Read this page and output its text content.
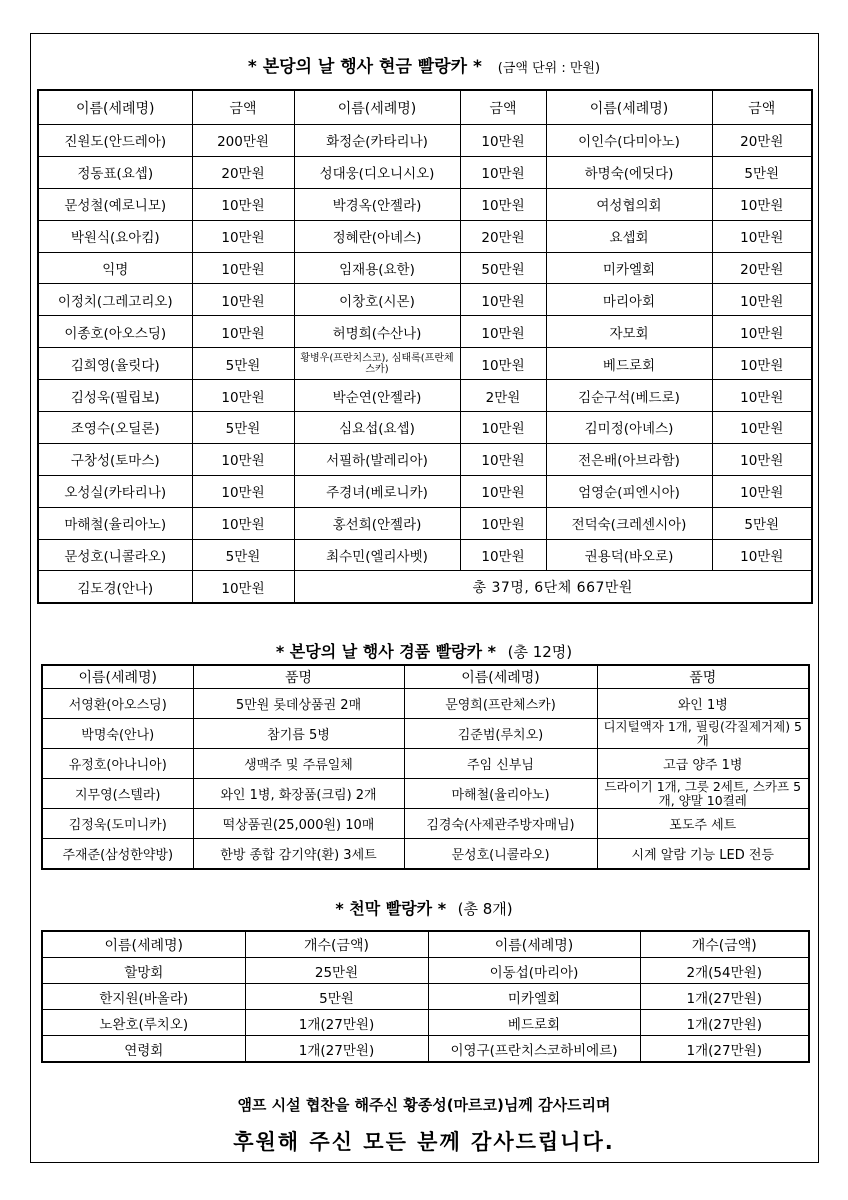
* 본당의 날 행사 현금 빨랑카 * (금액 단위 : 만원)
이름(세례명)	금액	이름(세례명)	금액	이름(세례명)	금액
진원도(안드레아)	200만원	화정순(카타리나)	10만원	이인수(다미아노)	20만원
정동표(요셉)	20만원	성대웅(디오니시오)	10만원	하명숙(에딧다)	5만원
문성철(예로니모)	10만원	박경옥(안젤라)	10만원	여성협의회	10만원
박원식(요아킴)	10만원	정혜란(아녜스)	20만원	요셉회	10만원
익명	10만원	임재용(요한)	50만원	미카엘회	20만원
이정치(그레고리오)	10만원	이창호(시몬)	10만원	마리아회	10만원
이종호(아오스딩)	10만원	허명희(수산나)	10만원	자모회	10만원
김희영(율릿다)	5만원	황병우(프란치스코), 심태록(프란체스카)	10만원	베드로회	10만원
김성욱(필립보)	10만원	박순연(안젤라)	2만원	김순구석(베드로)	10만원
조영수(오딜론)	5만원	심요섭(요셉)	10만원	김미정(아녜스)	10만원
구창성(토마스)	10만원	서필하(발레리아)	10만원	전은배(아브라함)	10만원
오성실(카타리나)	10만원	주경녀(베로니카)	10만원	엄영순(피엔시아)	10만원
마해철(율리아노)	10만원	홍선희(안젤라)	10만원	전덕숙(크레센시아)	5만원
문성호(니콜라오)	5만원	최수민(엘리사벳)	10만원	권용덕(바오로)	10만원
김도경(안나)	10만원	총 37명, 6단체 667만원			
* 본당의 날 행사 경품 빨랑카 * (총 12명)
이름(세례명)	품명	이름(세례명)	품명
서영환(아오스딩)	5만원 롯데상품권 2매	문영희(프란체스카)	와인 1병
박명숙(안나)	참기름 5병	김준범(루치오)	디지털액자 1개, 필링(각질제거제) 5개
유정호(아나니아)	생맥주 및 주류일체	주임 신부님	고급 양주 1병
지무영(스텔라)	와인 1병, 화장품(크림) 2개	마해철(율리아노)	드라이기 1개, 그릇 2세트, 스카프 5개, 양말 10켤레
김정욱(도미니카)	떡상품권(25,000원) 10매	김경숙(사제관주방자매님)	포도주 세트
주재준(삼성한약방)	한방 종합 감기약(환) 3세트	문성호(니콜라오)	시계 알람 기능 LED 전등
* 천막 빨랑카 * (총 8개)
이름(세례명)	개수(금액)	이름(세례명)	개수(금액)
할망회	25만원	이동섭(마리아)	2개(54만원)
한지원(바올라)	5만원	미카엘회	1개(27만원)
노완호(루치오)	1개(27만원)	베드로회	1개(27만원)
연령회	1개(27만원)	이영구(프란치스코하비에르)	1개(27만원)
앰프 시설 협찬을 해주신 황종성(마르코)님께 감사드리며
후원해 주신 모든 분께 감사드립니다.
